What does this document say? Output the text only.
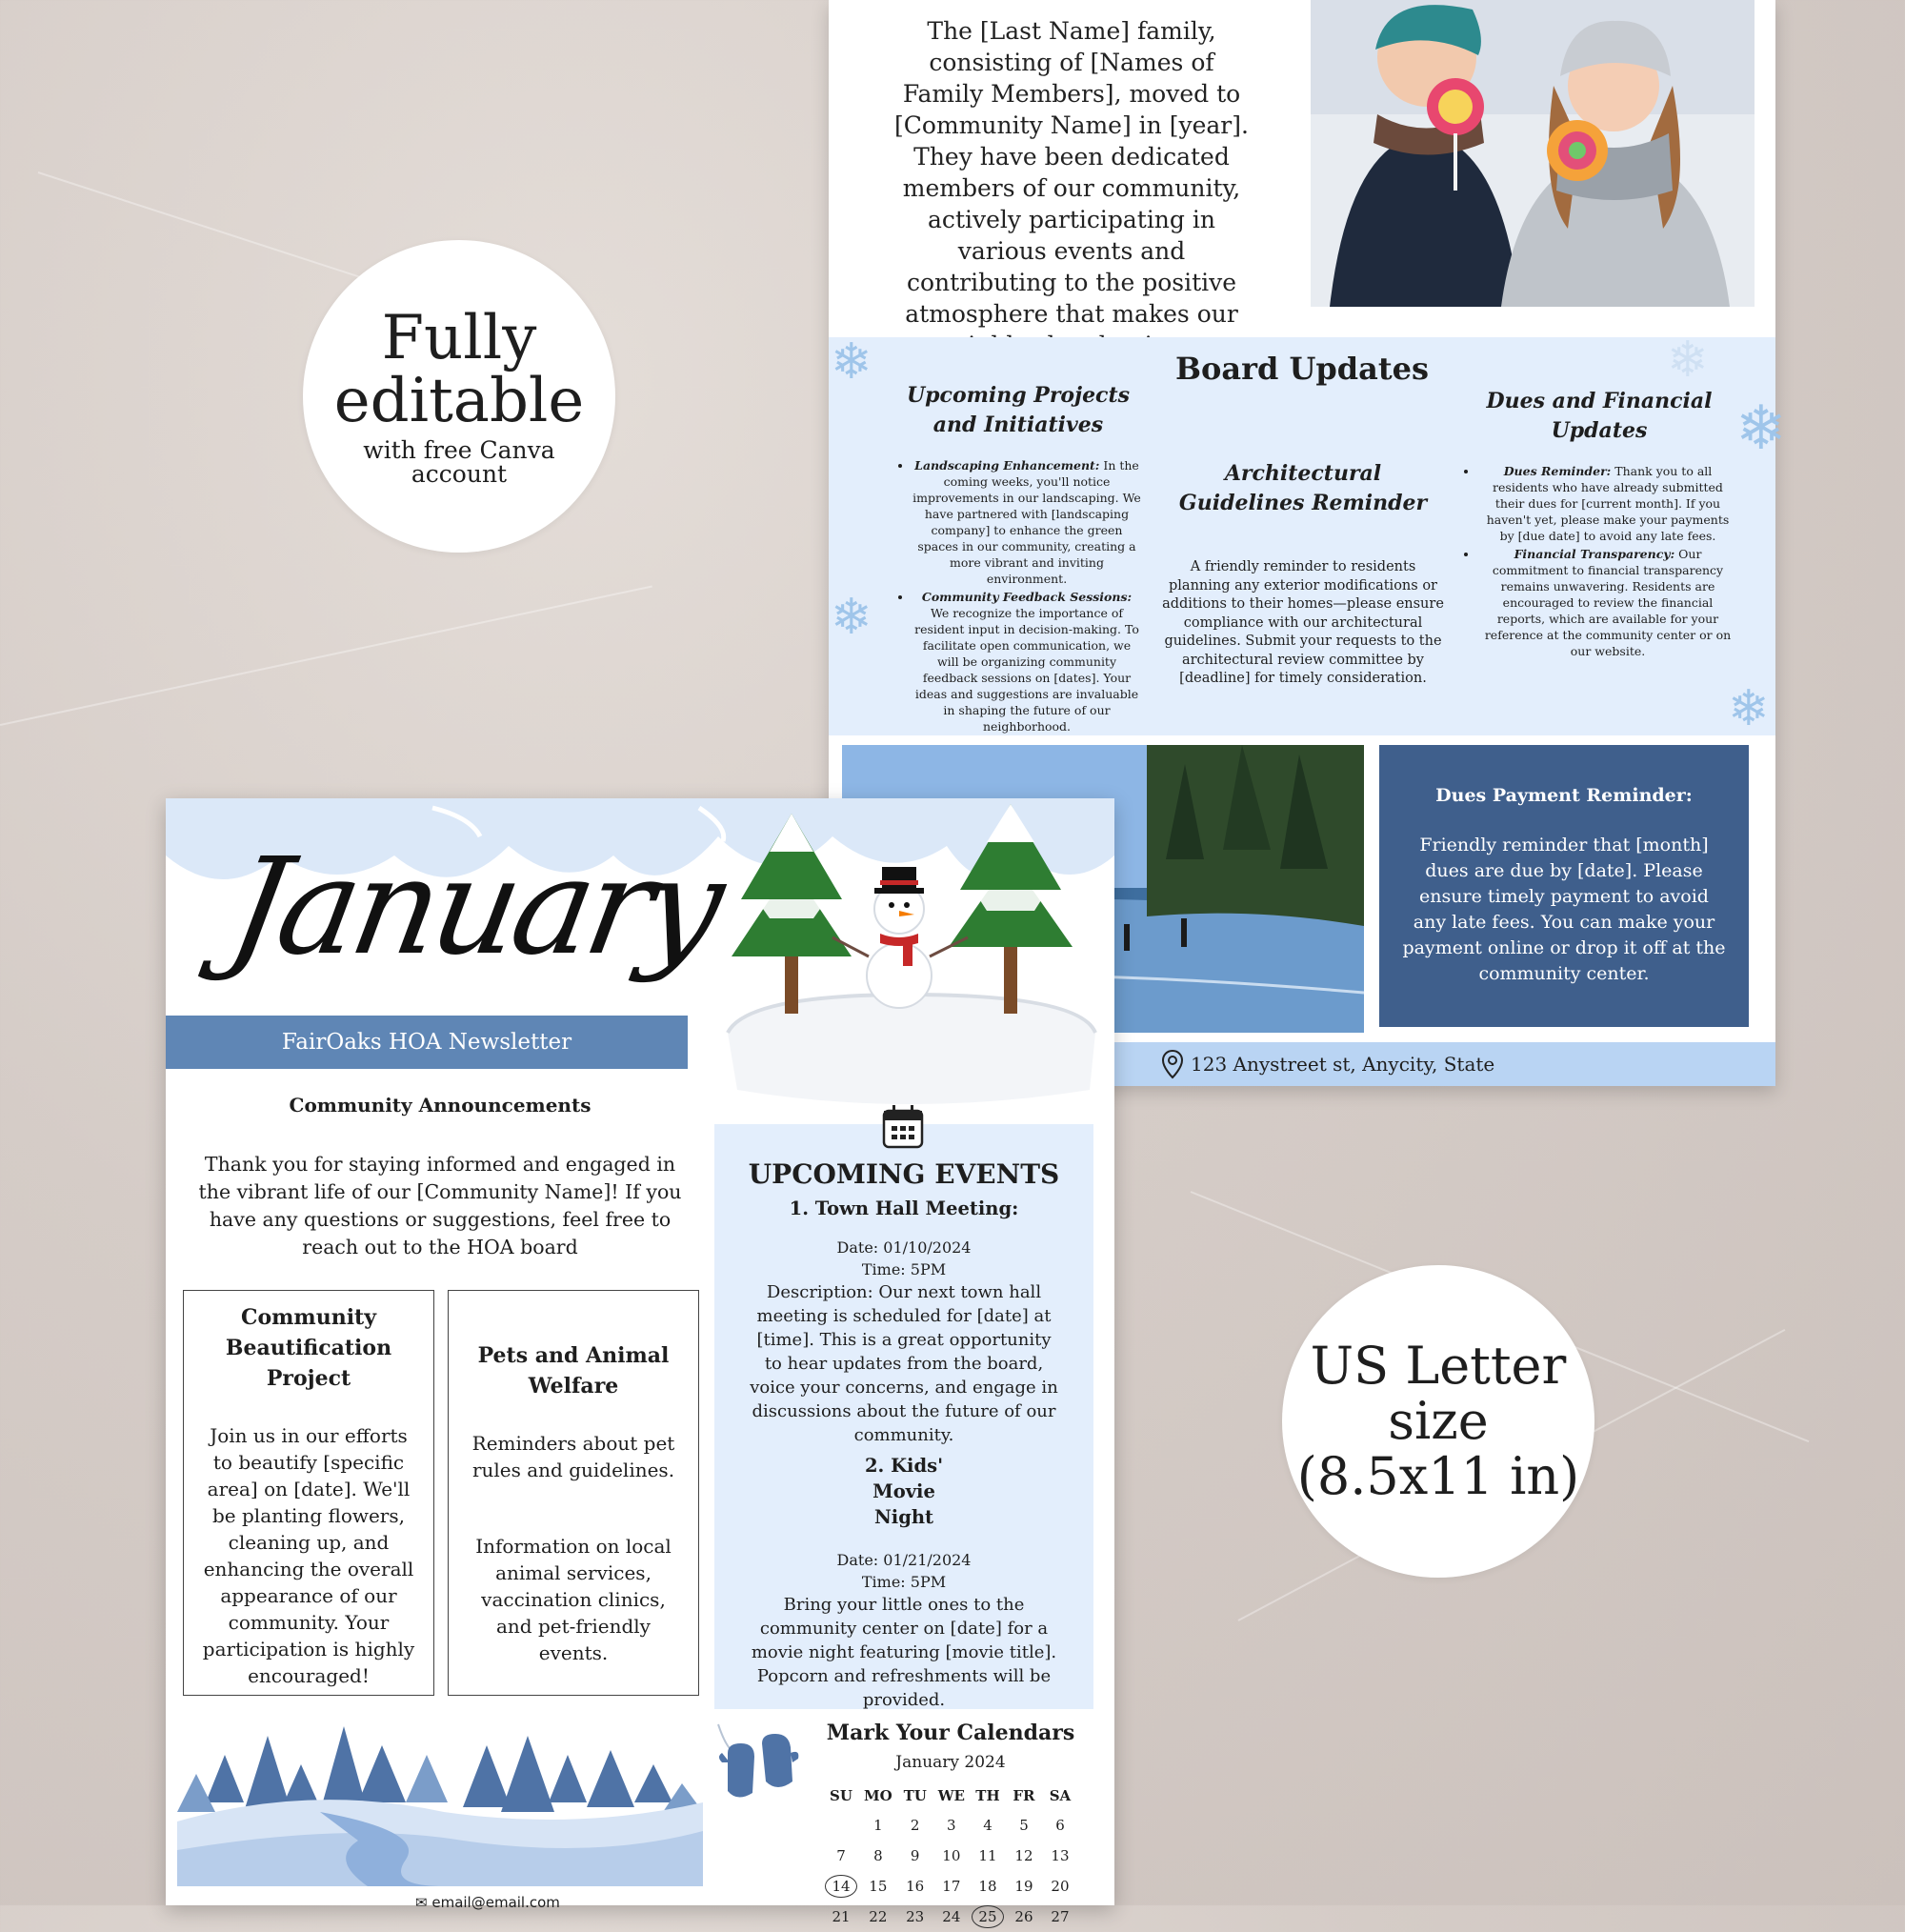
Fully
editable
with free Canva
account
US Letter
size
(8.5x11 in)
The [Last Name] family, consisting of [Names of Family Members], moved to [Community Name] in [year]. They have been dedicated members of our community, actively participating in various events and contributing to the positive atmosphere that makes our
❄
❄
❄
❄
❄
Board Updates
Upcoming Projects and Initiatives
• Landscaping Enhancement: In the coming weeks, you'll notice improvements in our landscaping. We have partnered with [landscaping company] to enhance the green spaces in our community, creating a more vibrant and inviting environment.
• Community Feedback Sessions: We recognize the importance of resident input in decision-making. To facilitate open communication, we will be organizing community feedback sessions on [dates]. Your ideas and suggestions are invaluable in shaping the future of our neighborhood.
Architectural Guidelines Reminder

A friendly reminder to residents planning any exterior modifications or additions to their homes—please ensure compliance with our architectural guidelines. Submit your requests to the architectural review committee by [deadline] for timely consideration.

Dues and Financial Updates
• Dues Reminder: Thank you to all residents who have already submitted their dues for [current month]. If you haven't yet, please make your payments by [due date] to avoid any late fees.
• Financial Transparency: Our commitment to financial transparency remains unwavering. Residents are encouraged to review the financial reports, which are available for your reference at the community center or on our website.
Dues Payment Reminder:
Friendly reminder that [month] dues are due by [date]. Please ensure timely payment to avoid any late fees. You can make your payment online or drop it off at the community center.
123 Anystreet st, Anycity, State
January
FairOaks HOA Newsletter
Community Announcements
Thank you for staying informed and engaged in the vibrant life of our [Community Name]! If you have any questions or suggestions, feel free to reach out to the HOA board
Community Beautification Project

Join us in our efforts to beautify [specific area] on [date]. We'll be planting flowers, cleaning up, and enhancing the overall appearance of our community. Your participation is highly encouraged!

Pets and Animal Welfare

Reminders about pet rules and guidelines.

Information on local animal services, vaccination clinics, and pet-friendly events.

UPCOMING EVENTS
1. Town Hall Meeting:
Date: 01/10/2024
Time: 5PM
Description: Our next town hall meeting is scheduled for [date] at [time]. This is a great opportunity to hear updates from the board, voice your concerns, and engage in discussions about the future of our community.
2. Kids' Movie Night
Date: 01/21/2024
Time: 5PM
Bring your little ones to the community center on [date] for a movie night featuring [movie title]. Popcorn and refreshments will be provided.
Mark Your Calendars
January 2024
SU	MO	TU	WE	TH	FR	SA
	1	2	3	4	5	6
7	8	9	10	11	12	13
14	15	16	17	18	19	20
21	22	23	24	25	26	27
✉ email@email.com
